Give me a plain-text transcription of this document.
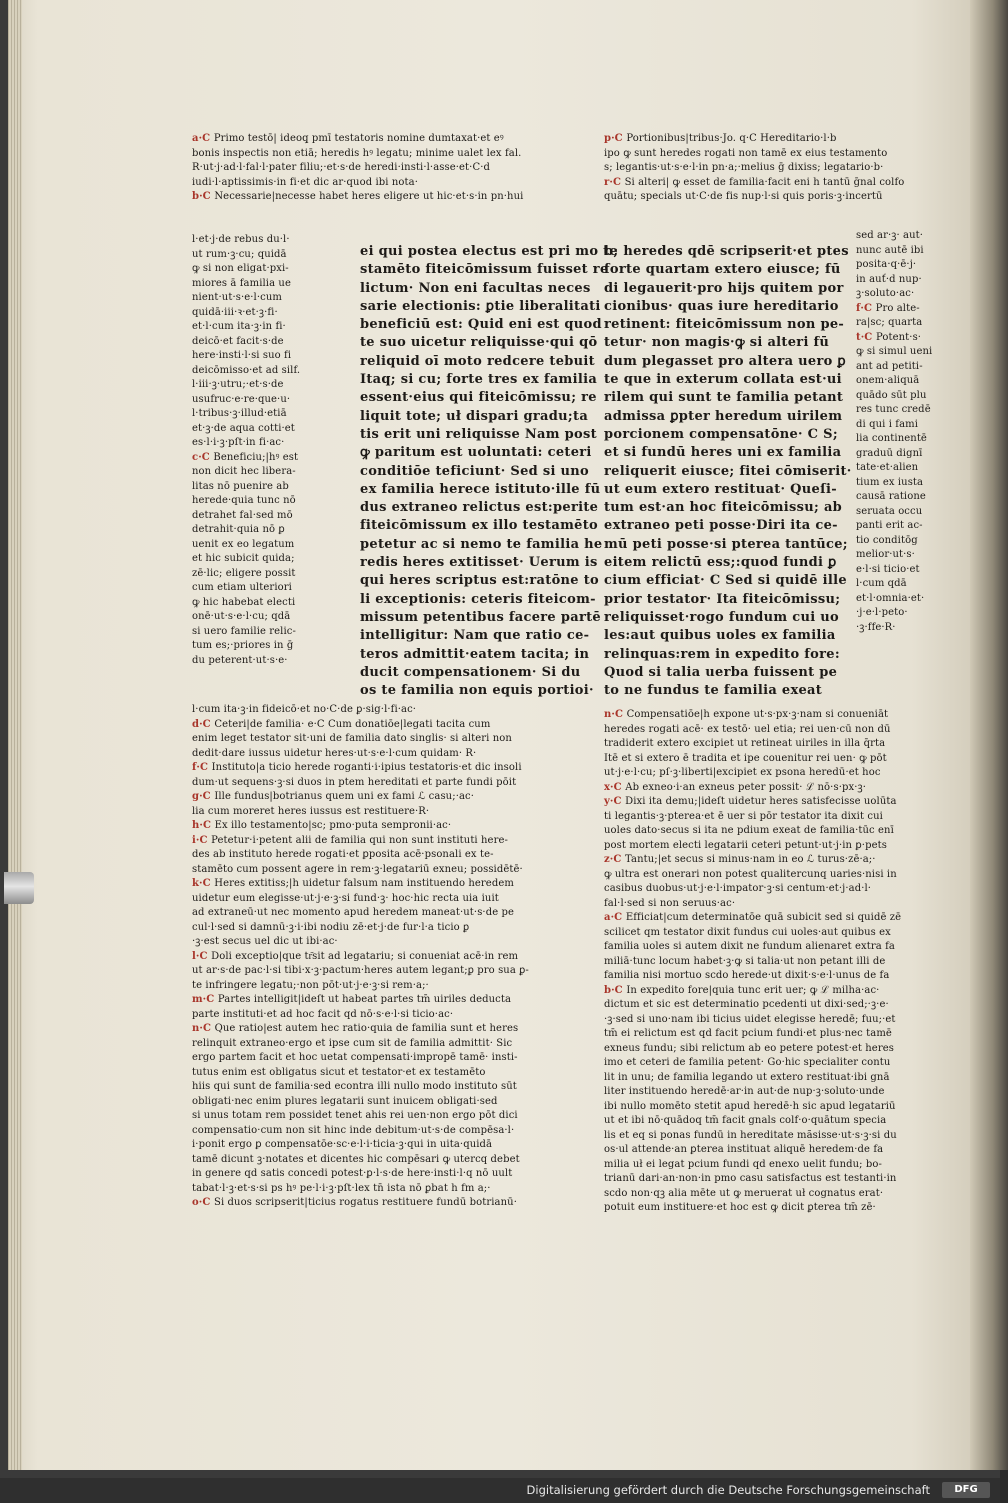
a·C Primo testō| ideoq̧ pmī testatoris nomine dumtaxat·et eꝰ
bonis inspectis non etiā; heredis hꝰ legatu; minime ualet lex fal.
R·ut·j·ad·l·fal·l·pater filiu;·et·s·de heredi·insti·l·asse·et·C·d
iudi·l·aptissimis·in fi·et dic ar·quod ibi nota·
b·C Necessarie|necesse habet heres eligere ut hic·et·s·in pn·hui
l·et·j·de rebus du·l·
ut rum·ꝫ·cu; quidā
ꝙ si non eligat·pxi-
miores ā familia ue
nient·ut·s·e·l·cum
quidā·iii·ꝛ·et·ꝫ·fi·
et·l·cum ita·ꝫ·in fi·
deicō·et facit·s·de
here·insti·l·si suo fi
deicōmisso·et ad silf.
l·iii·ꝫ·utru;·et·s·de
usufruc·e·re·que·u·
l·tribus·ꝫ·illud·etiā
et·ꝫ·de aqua cotti·et
es·l·i·ꝫ·pſt·in fi·ac·
c·C Beneficiu;|hꝰ est
non dicit hec libera-
litas nō puenire ab
herede·quia tunc nō
detrahet fal·sed mō
detrahit·quia nō ꝑ
uenit ex eo legatum
et hic subicit quida;
zē·lic; eligere possit
cum etiam ulteriori
ꝙ hic habebat electi
onē·ut·s·e·l·cu; qdā
si uero familie relic-
tum es;·priores in ḡ
du peterent·ut·s·e·
ei qui postea electus est pri mo te
stamēto fiteicōmissum fuisset re
lictum· Non eni facultas neces
sarie electionis: ꝑtie liberalitati
beneficiū est: Quid eni est quod
te suo uicetur reliquisse·qui qō
reliquid oī moto redcere tebuit
Itaq; si cu; forte tres ex familia
essent·eius qui fiteicōmissu; re
liquit tote; uł dispari gradu;ta
tis erit uni reliquisse Nam post
ꝙ paritum est uoluntati: ceteri
conditiōe teficiunt· Sed si uno
ex familia herece istituto·ille fū
dus extraneo relictus est:perite
fiteicōmissum ex illo testamēto
petetur ac si nemo te familia he
redis heres extitisset· Uerum is
qui heres scriptus est:ratōne to
li exceptionis: ceteris fiteicom-
missum petentibus facere partē
intelligitur: Nam que ratio ce-
teros admittit·eatem tacita; in
ducit compensationem· Si du
os te familia non equis portioi·
p·C Portionibus|tribus·Jo. q·C Hereditario·l·b
ipo ꝙ sunt heredes rogati non tamē ex eius testamento
s; legantis·ut·s·e·l·in pn·a;·melius ḡ dixiss; legatario·b·
r·C Si alteri| ꝙ esset de familia·facit eni h tantū ḡnal colfo
quātu; specials ut·C·de fis nup·l·si quis poris·ꝫ·incertū
b; heredes qdē scripserit·et ptes
forte quartam extero eiusce; fū
di legauerit·pro hijs quitem por
cionibus· quas iure hereditario
retinent: fiteicōmissum non pe-
tetur· non magis·ꝙ si alteri fū
dum plegasset pro altera uero ꝑ
te que in exterum collata est·ui
rilem qui sunt te familia petant
admissa ꝑpter heredum uirilem
porcionem compensatōne· C S;
et si fundū heres uni ex familia
reliquerit eiusce; fitei cōmiserit·
ut eum extero restituat· Queſi-
tum est·an hoc fiteicōmissu; ab
extraneo peti posse·Diri ita ce-
mū peti posse·si pterea tantūce;
eitem relictū ess;:quod fundi ꝑ
cium efficiat· C Sed si quidē ille
prior testator· Ita fiteicōmissu;
reliquisset·rogo fundum cui uo
les:aut quibus uoles ex familia
relinquas:rem in expedito fore:
Quod si talia uerba fuissent pe
to ne fundus te familia exeat
sed ar·ꝫ· aut·
nunc autē ibi
posita·q·ē·j·
in auť·d nup·
ꝫ·soluto·ac·
f·C Pro alte-
ra|sc; quarta
t·C Potent·s·
ꝙ si simul ueni
ant ad petiti-
onem·aliquā
quādo sūt plu
res tunc credē
di qui i fami
lia continentē
graduū dignī
tate·et·alien
tium ex iusta
causā ratione
seruata occu
panti erit ac-
tio conditōg
melior·ut·s·
e·l·si ticio·et
l·cum qdā
et·l·omnia·et·
·j·e·l·peto·
·ꝫ·ffe·R·
l·cum ita·ꝫ·in fideicō·et no·C·de ꝑ·sig·l·fi·ac·
d·C Ceteri|de familia· e·C Cum donatiōe|legati tacita cum
enim leget testator sit·uni de familia dato singlis· si alteri non
dedit·dare iussus uidetur heres·ut·s·e·l·cum quidam· R·
f·C Instituto|a ticio herede roganti·i·ipius testatoris·et dic insoli
dum·ut sequens·ꝫ·si duos in ptem hereditati et parte fundi pōit
g·C Ille fundus|botrianus quem uni ex fami ℒ casu;·ac·
lia cum moreret heres iussus est restituere·R·
h·C Ex illo testamento|sc; pmo·puta sempronii·ac·
i·C Petetur·i·petent alii de familia qui non sunt instituti here-
des ab instituto herede rogati·et ꝑposita acē·psonali ex te-
stamēto cum possent agere in rem·ꝫ·legatariū exneu; possidētē·
k·C Heres extitiss;|h uidetur falsum nam instituendo heredem
uidetur eum elegisse·ut·j·e·ꝫ·si fund·ꝫ· hoc·hic recta uia iuit
ad extraneū·ut nec momento apud heredem maneat·ut·s·de pe
cul·l·sed si damnū·ꝫ·i·ibi nodiu zē·et·j·de fur·l·a ticio ꝑ
·ꝫ·est secus uel dic ut ibi·ac·
l·C Doli exceptio|que tr͂sit ad legatariu; si conueniat acē·in rem
ut ar·s·de pac·l·si tibi·x·ꝫ·pactum·heres autem legant;ꝑ pro sua ꝑ-
te infringere legatu;·non pōt·ut·j·e·ꝫ·si rem·a;·
m·C Partes intelligit|ideſt ut habeat partes tm̄ uiriles deducta
parte instituti·et ad hoc facit qd nō·s·e·l·si ticio·ac·
n·C Que ratio|est autem hec ratio·quia de familia sunt et heres
relinquit extraneo·ergo et ipse cum sit de familia admittit· Sic
ergo partem facit et hoc uetat compensati·impropē tamē· insti-
tutus enim est obligatus sicut et testator·et ex testamēto
hiis qui sunt de familia·sed econtra illi nullo modo instituto sūt
obligati·nec enim plures legatarii sunt inuicem obligati·sed
si unus totam rem possidet tenet ahis rei uen·non ergo pōt dici
compensatio·cum non sit hinc inde debitum·ut·s·de compēsa·l·
i·ponit ergo ꝑ compensatōe·sc·e·l·i·ticia·ꝫ·qui in uita·quidā
tamē dicunt ꝫ·notates et dicentes hic compēsari ꝙ utercq debet
in genere qd satis concedi potest·ꝑ·l·s·de here·insti·l·q nō uult
tabat·l·ꝫ·et·s·si ps hꝰ pe·l·i·ꝫ·pſt·lex tn̄ ista nō ꝑbat h fm a;·
o·C Si duos scripserit|ticius rogatus restituere fundū botrianū·
n·C Compensatiōe|h expone ut·s·px·ꝫ·nam si conueniāt
heredes rogati acē· ex testō· uel etia; rei uen·cū non dū
tradiderit extero excipiet ut retineat uiriles in illa q̄rta
Itē et si extero ē tradita et ipe couenitur rei uen· ꝙ pōt
ut·j·e·l·cu; pſ·ꝫ·liberti|excipiet ex psona heredū·et hoc
x·C Ab exneo·i·an exneus peter possit· ℒ nō·s·px·ꝫ·
y·C Dixi ita demu;|ideſt uidetur heres satisfecisse uolūta
ti legantis·ꝫ·pterea·et ē uer si pōr testator ita dixit cui
uoles dato·secus si ita ne pdium exeat de familia·tūc enī
post mortem electi legatarii ceteri petunt·ut·j·in ꝑ·pets
z·C Tantu;|et secus si minus·nam in eo ℒ turus·zē·a;·
ꝙ ultra est onerari non potest qualitercunq uaries·nisi in
casibus duobus·ut·j·e·l·impator·ꝫ·si centum·et·j·ad·l·
fal·l·sed si non seruus·ac·
a·C Efficiat|cum determinatōe quā subicit sed si quidē zē
scilicet qm testator dixit fundus cui uoles·aut quibus ex
familia uoles si autem dixit ne fundum alienaret extra fa
miliā·tunc locum habet·ꝫ·ꝙ si talia·ut non petant illi de
familia nisi mortuo scdo herede·ut dixit·s·e·l·unus de fa
b·C In expedito fore|quia tunc erit uer; ꝙ ℒ milha·ac·
dictum et sic est determinatio pcedenti ut dixi·sed;·ꝫ·e·
·ꝫ·sed si uno·nam ibi ticius uidet elegisse heredē; fuu;·et
tm̄ ei relictum est qd facit pcium fundi·et plus·nec tamē
exneus fundu; sibi relictum ab eo petere potest·et heres
imo et ceteri de familia petent· Go·hic specialiter contu
lit in unu; de familia legando ut extero restituat·ibi gnā
liter instituendo heredē·ar·in aut·de nup·ꝫ·soluto·unde
ibi nullo momēto stetit apud heredē·h sic apud legatariū
ut et ibi nō·quādoq tm̄ facit gnals colf·o·quātum specia
lis et eq si ponas fundū in hereditate mãsisse·ut·s·ꝫ·si du
os·ul attende·an ꝑterea instituat aliquē heredem·de fa
milia uł ei legat pcium fundi qd enexo uelit fundu; bo-
trianū dari·an·non·in pmo casu satisfactus est testanti·in
scdo non·qꝫ alia mēte ut ꝙ meruerat uł cognatus erat·
potuit eum instituere·et hoc est ꝙ dicit ꝑterea tm̄ zē·
Digitalisierung gefördert durch die Deutsche Forschungsgemeinschaft	DFG
